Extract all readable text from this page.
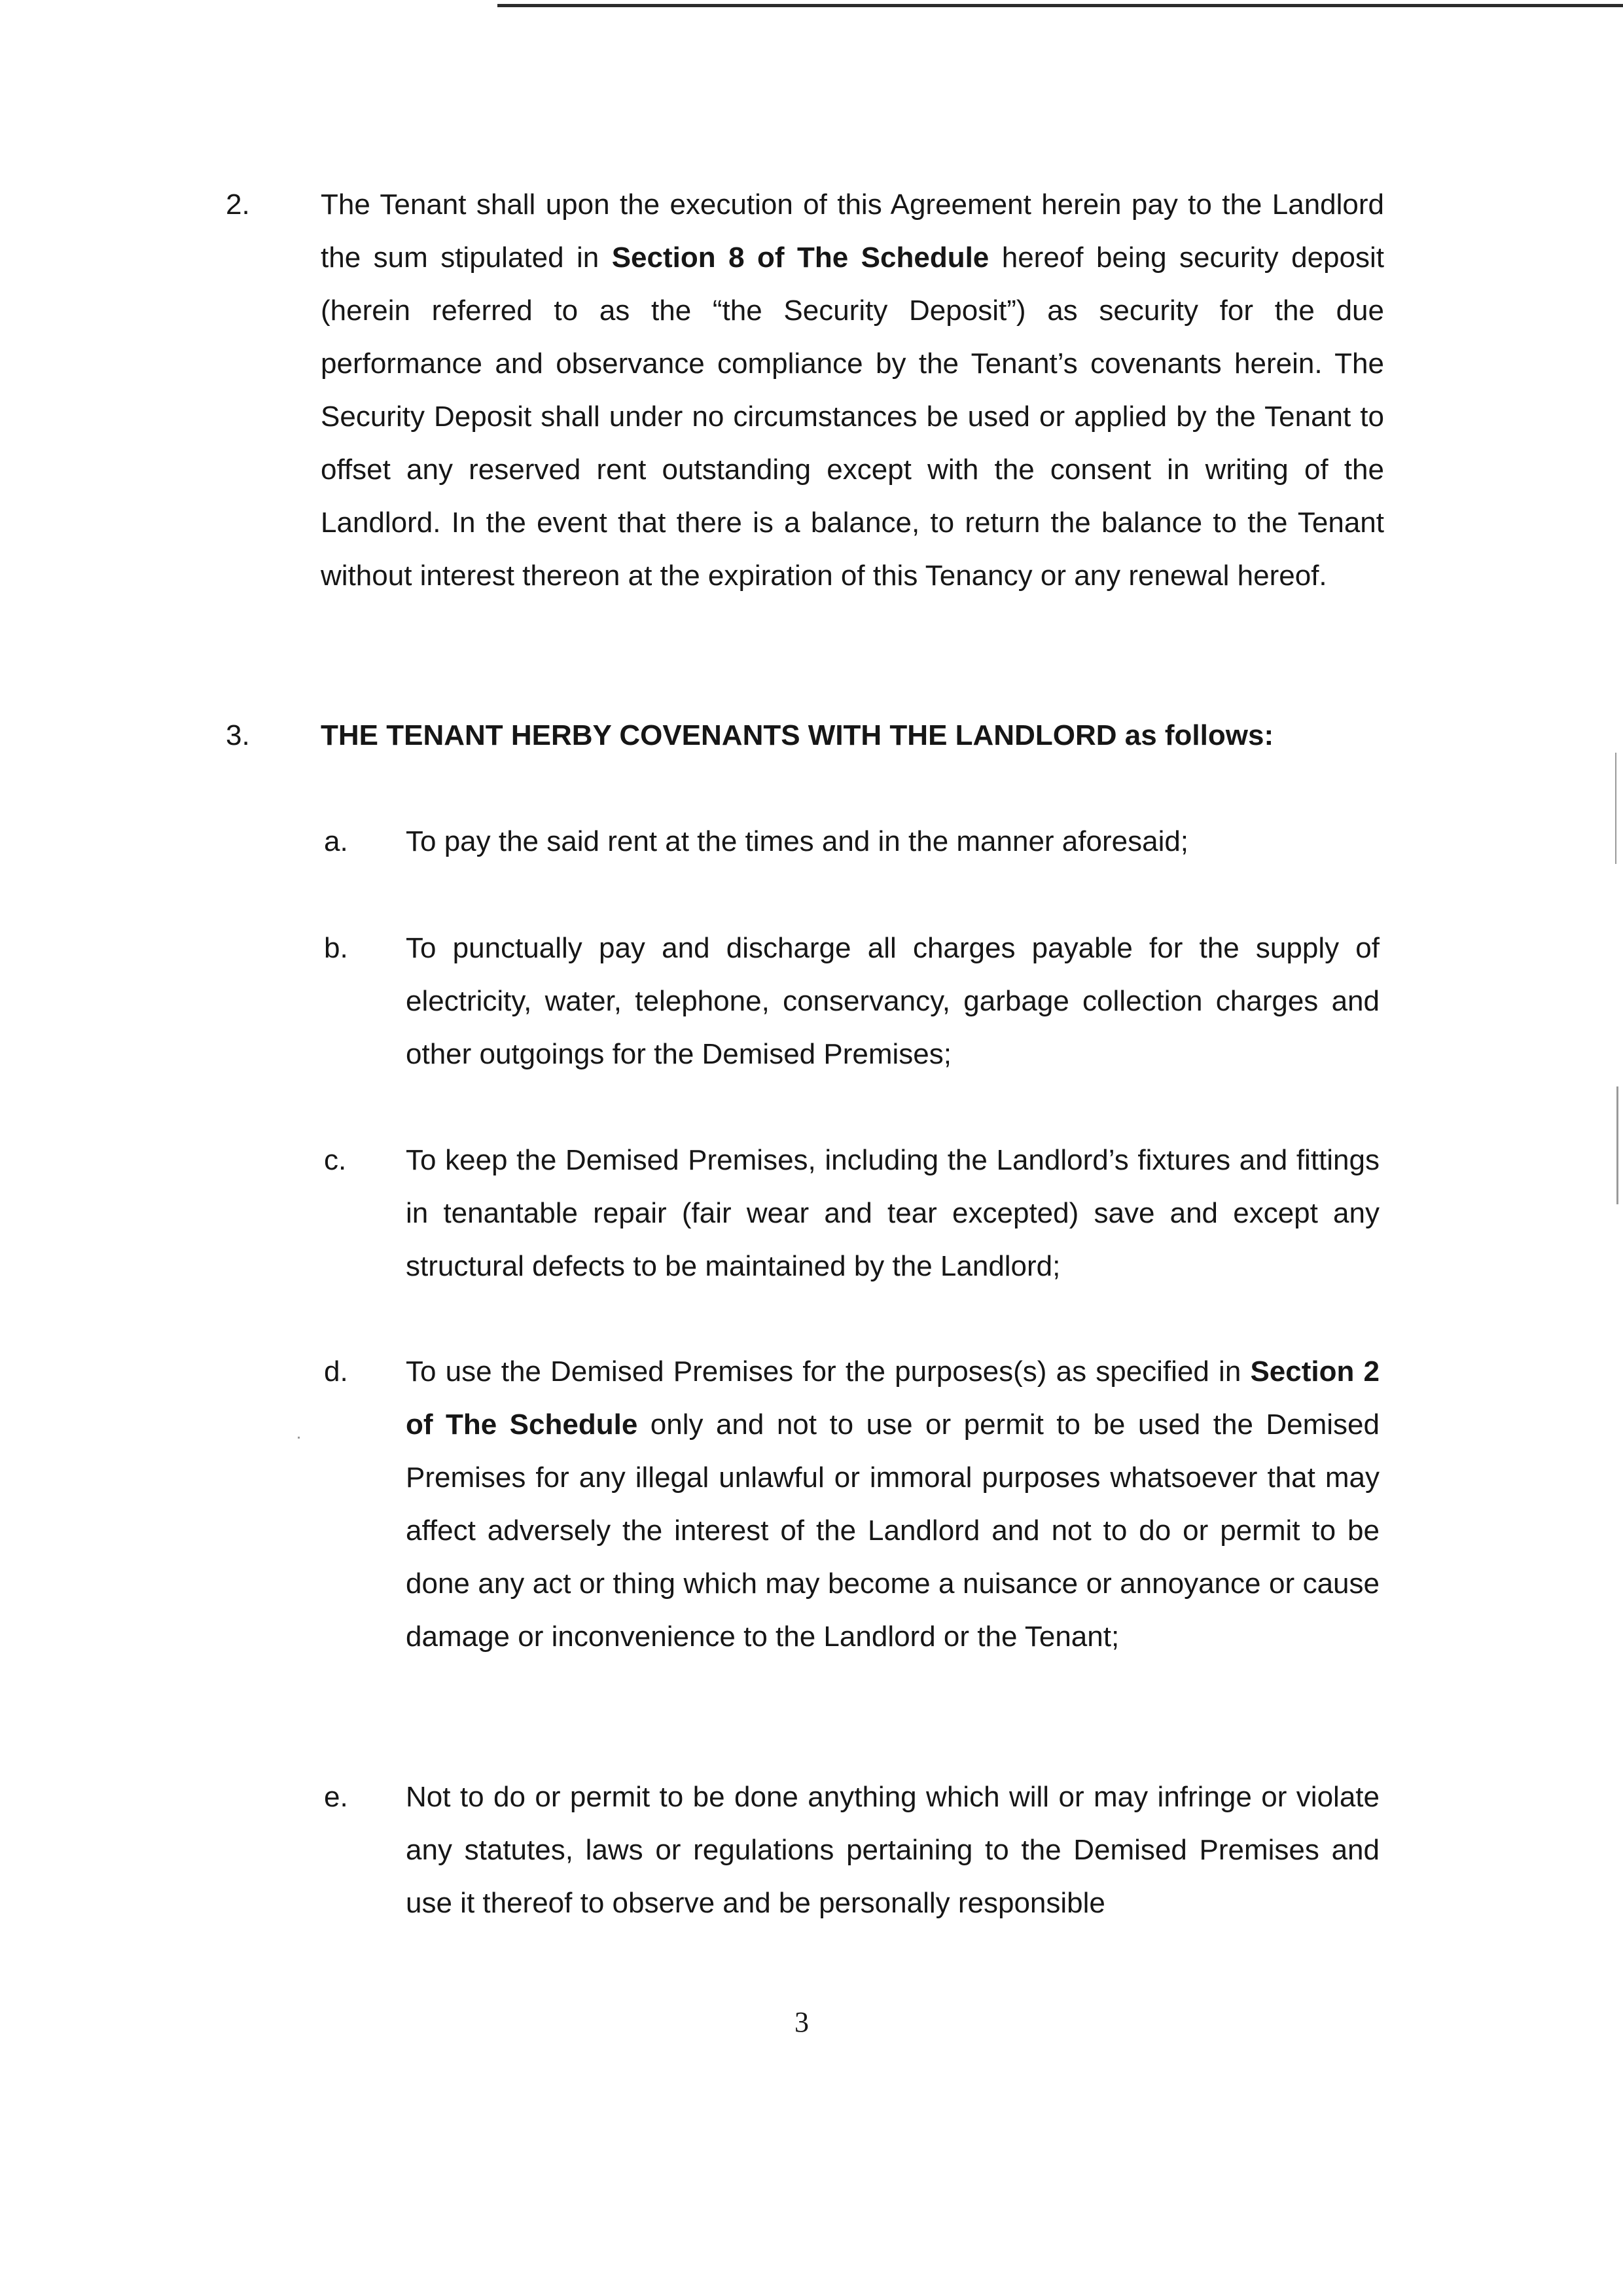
2. The Tenant shall upon the execution of this Agreement herein pay to the Landlord the sum stipulated in Section 8 of The Schedule hereof being security deposit (herein referred to as the “the Security Deposit”) as security for the due performance and observance compliance by the Tenant’s covenants herein. The Security Deposit shall under no circumstances be used or applied by the Tenant to offset any reserved rent outstanding except with the consent in writing of the Landlord. In the event that there is a balance, to return the balance to the Tenant without interest thereon at the expiration of this Tenancy or any renewal hereof.

3. THE TENANT HERBY COVENANTS WITH THE LANDLORD as follows:
a. To pay the said rent at the times and in the manner aforesaid;

b. To punctually pay and discharge all charges payable for the supply of electricity, water, telephone, conservancy, garbage collection charges and other outgoings for the Demised Premises;

c. To keep the Demised Premises, including the Landlord’s fixtures and fittings in tenantable repair (fair wear and tear excepted) save and except any structural defects to be maintained by the Landlord;

d. To use the Demised Premises for the purposes(s) as specified in Section 2 of The Schedule only and not to use or permit to be used the Demised Premises for any illegal unlawful or immoral purposes whatsoever that may affect adversely the interest of the Landlord and not to do or permit to be done any act or thing which may become a nuisance or annoyance or cause damage or inconvenience to the Landlord or the Tenant;

e. Not to do or permit to be done anything which will or may infringe or violate any statutes, laws or regulations pertaining to the Demised Premises and use it thereof to observe and be personally responsible

3
